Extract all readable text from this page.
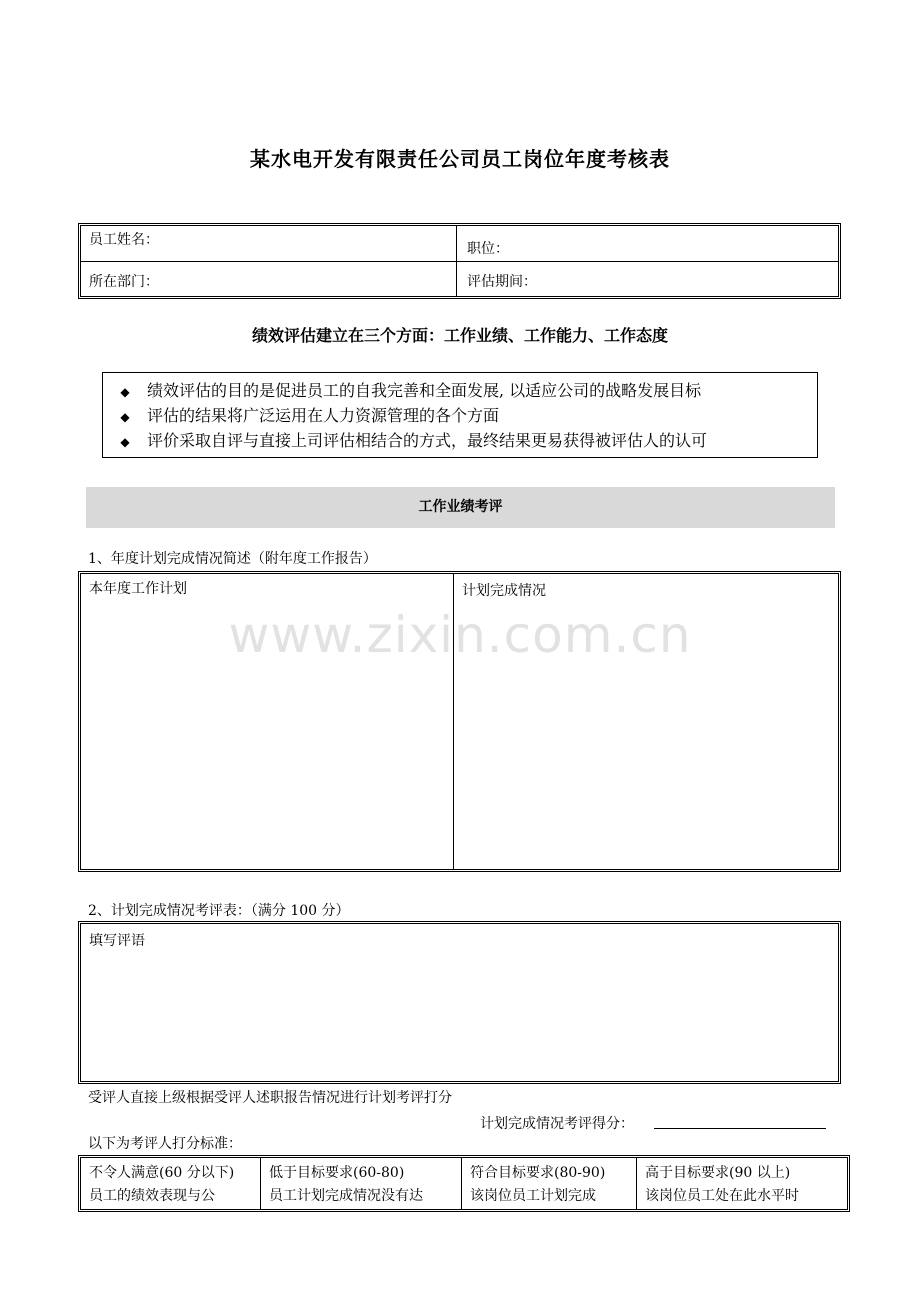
某水电开发有限责任公司员工岗位年度考核表
员工姓名：
职位：
所在部门：	评估期间：
绩效评估建立在三个方面：工作业绩、工作能力、工作态度
◆ 绩效评估的目的是促进员工的自我完善和全面发展, 以适应公司的战略发展目标
◆ 评估的结果将广泛运用在人力资源管理的各个方面
◆ 评价采取自评与直接上司评估相结合的方式，最终结果更易获得被评估人的认可
工作业绩考评
1、年度计划完成情况简述（附年度工作报告）
本年度工作计划	计划完成情况
www.zixin.com.cn
2、计划完成情况考评表：（满分 100 分）
填写评语
受评人直接上级根据受评人述职报告情况进行计划考评打分
计划完成情况考评得分：
以下为考评人打分标准：
不令人满意(60 分以下)
员工的绩效表现与公
低于目标要求(60-80)
员工计划完成情况没有达
符合目标要求(80-90)
该岗位员工计划完成
高于目标要求(90 以上)
该岗位员工处在此水平时
